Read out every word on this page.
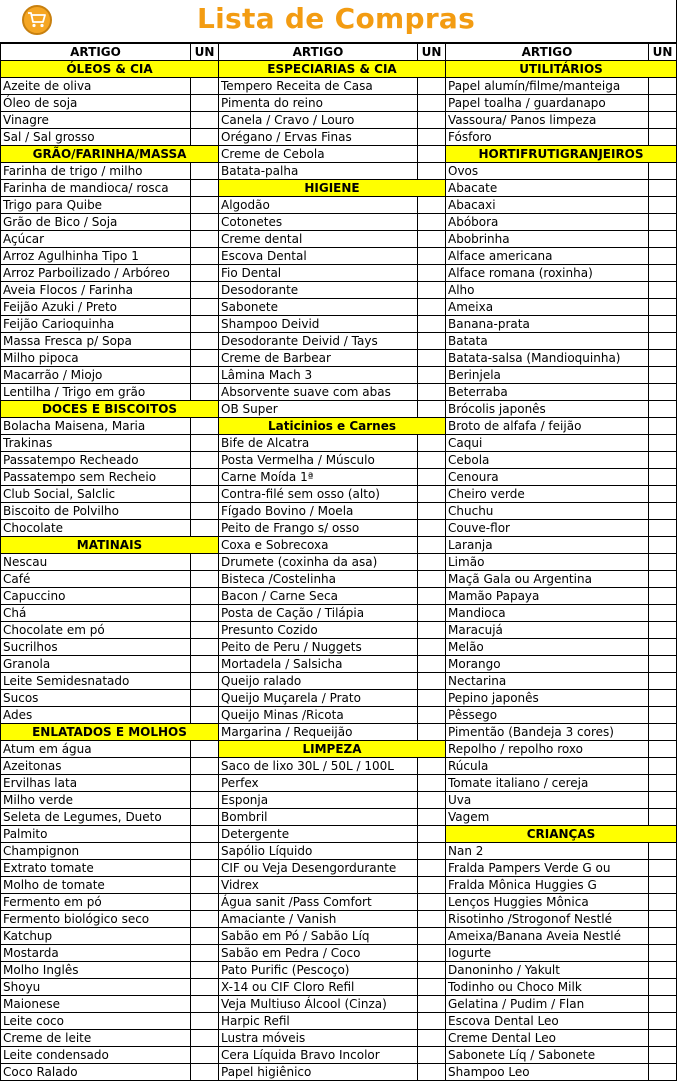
Lista de Compras
ARTIGO	UN	ARTIGO	UN	ARTIGO	UN
ÓLEOS & CIA		ESPECIARIAS & CIA		UTILITÁRIOS	
Azeite de oliva		Tempero Receita de Casa		Papel alumín/filme/manteiga	
Óleo de soja		Pimenta do reino		Papel toalha / guardanapo	
Vinagre		Canela / Cravo / Louro		Vassoura/ Panos limpeza	
Sal / Sal grosso		Orégano / Ervas Finas		Fósforo	
GRÃO/FARINHA/MASSA		Creme de Cebola		HORTIFRUTIGRANJEIROS	
Farinha de trigo / milho		Batata-palha		Ovos	
Farinha de mandioca/ rosca		HIGIENE		Abacate	
Trigo para Quibe		Algodão		Abacaxi	
Grão de Bico / Soja		Cotonetes		Abóbora	
Açúcar		Creme dental		Abobrinha	
Arroz Agulhinha Tipo 1		Escova Dental		Alface americana	
Arroz Parboilizado / Arbóreo		Fio Dental		Alface romana (roxinha)	
Aveia Flocos / Farinha		Desodorante		Alho	
Feijão Azuki / Preto		Sabonete		Ameixa	
Feijão Carioquinha		Shampoo Deivid		Banana-prata	
Massa Fresca p/ Sopa		Desodorante Deivid / Tays		Batata	
Milho pipoca		Creme de Barbear		Batata-salsa (Mandioquinha)	
Macarrão / Miojo		Lâmina Mach 3		Berinjela	
Lentilha / Trigo em grão		Absorvente suave com abas		Beterraba	
DOCES E BISCOITOS		OB Super		Brócolis japonês	
Bolacha Maisena, Maria		Laticinios e Carnes		Broto de alfafa / feijão	
Trakinas		Bife de Alcatra		Caqui	
Passatempo Recheado		Posta Vermelha / Músculo		Cebola	
Passatempo sem Recheio		Carne Moída 1ª		Cenoura	
Club Social, Salclic		Contra-filé sem osso (alto)		Cheiro verde	
Biscoito de Polvilho		Fígado Bovino / Moela		Chuchu	
Chocolate		Peito de Frango s/ osso		Couve-flor	
MATINAIS		Coxa e Sobrecoxa		Laranja	
Nescau		Drumete (coxinha da asa)		Limão	
Café		Bisteca /Costelinha		Maçã Gala ou Argentina	
Capuccino		Bacon / Carne Seca		Mamão Papaya	
Chá		Posta de Cação / Tilápia		Mandioca	
Chocolate em pó		Presunto Cozido		Maracujá	
Sucrilhos		Peito de Peru / Nuggets		Melão	
Granola		Mortadela / Salsicha		Morango	
Leite Semidesnatado		Queijo ralado		Nectarina	
Sucos		Queijo Muçarela / Prato		Pepino japonês	
Ades		Queijo Minas /Ricota		Pêssego	
ENLATADOS E MOLHOS		Margarina / Requeijão		Pimentão (Bandeja 3 cores)	
Atum em água		LIMPEZA		Repolho / repolho roxo	
Azeitonas		Saco de lixo 30L / 50L / 100L		Rúcula	
Ervilhas lata		Perfex		Tomate italiano / cereja	
Milho verde		Esponja		Uva	
Seleta de Legumes, Dueto		Bombril		Vagem	
Palmito		Detergente		CRIANÇAS	
Champignon		Sapólio Líquido		Nan 2	
Extrato tomate		CIF ou Veja Desengordurante		Fralda Pampers Verde G ou	
Molho de tomate		Vidrex		Fralda Mônica Huggies G	
Fermento em pó		Água sanit /Pass Comfort		Lenços Huggies Mônica	
Fermento biológico seco		Amaciante / Vanish		Risotinho /Strogonof Nestlé	
Katchup		Sabão em Pó / Sabão Líq		Ameixa/Banana Aveia Nestlé	
Mostarda		Sabão em Pedra / Coco		Iogurte	
Molho Inglês		Pato Purific (Pescoço)		Danoninho / Yakult	
Shoyu		X-14 ou CIF Cloro Refil		Todinho ou Choco Milk	
Maionese		Veja Multiuso Álcool (Cinza)		Gelatina / Pudim / Flan	
Leite coco		Harpic Refil		Escova Dental Leo	
Creme de leite		Lustra móveis		Creme Dental Leo	
Leite condensado		Cera Líquida Bravo Incolor		Sabonete Líq / Sabonete	
Coco Ralado		Papel higiênico		Shampoo Leo	
